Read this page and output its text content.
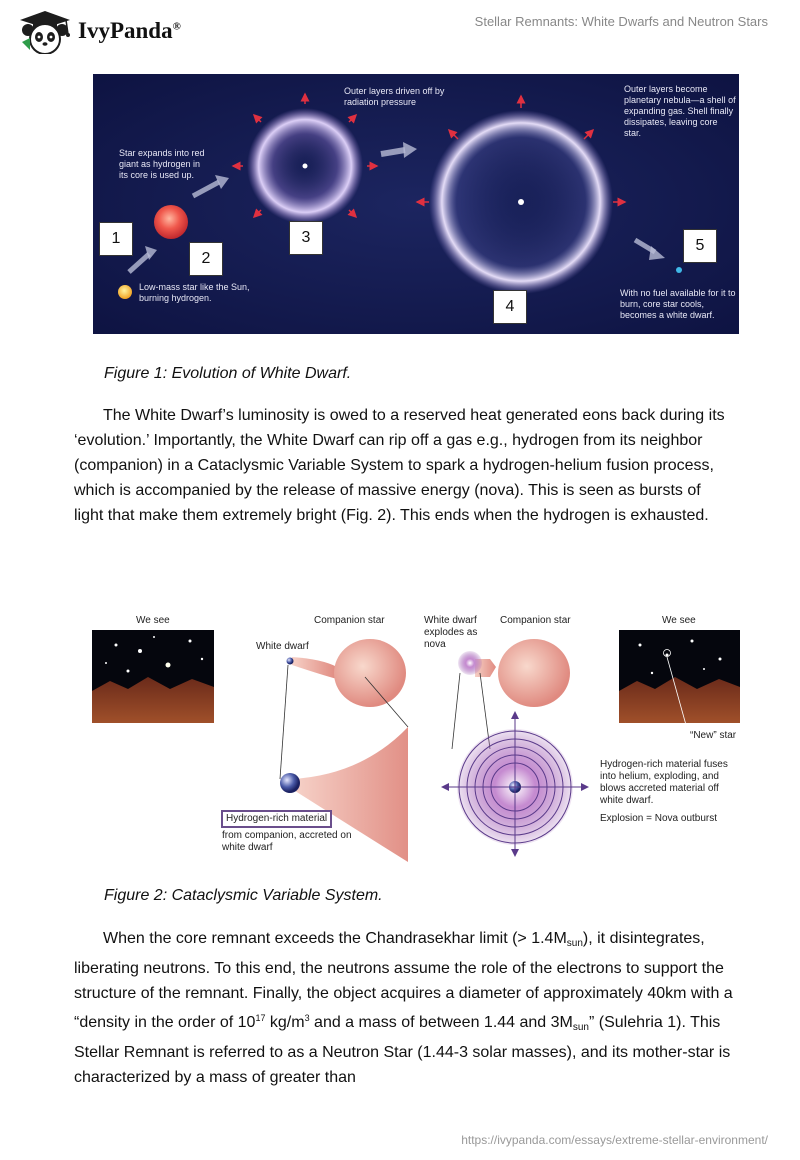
IvyPanda®	Stellar Remnants: White Dwarfs and Neutron Stars
Outer layers driven off by radiation pressure
Outer layers become planetary nebula—a shell of expanding gas. Shell finally dissipates, leaving core star.
Star expands into red giant as hydrogen in its core is used up.
Low-mass star like the Sun, burning hydrogen.	With no fuel available for it to burn, core star cools, becomes a white dwarf.
1
2
3
4
5
Figure 1: Evolution of White Dwarf.

The White Dwarf’s luminosity is owed to a reserved heat generated eons back during its ‘evolution.’ Importantly, the White Dwarf can rip off a gas e.g., hydrogen from its neighbor (companion) in a Cataclysmic Variable System to spark a hydrogen-helium fusion process, which is accompanied by the release of massive energy (nova). This is seen as bursts of light that make them extremely bright (Fig. 2). This ends when the hydrogen is exhausted.

We see	Companion star
White dwarf
White dwarf explodes as nova
Companion star	We see
“New” star
Hydrogen-rich material
from companion, accreted on white dwarf
Hydrogen-rich material fuses into helium, exploding, and blows accreted material off white dwarf.
Explosion = Nova outburst
Figure 2: Cataclysmic Variable System.

When the core remnant exceeds the Chandrasekhar limit (> $1.4M_{sun}$), it disintegrates, liberating neutrons. To this end, the neutrons assume the role of the electrons to support the structure of the remnant. Finally, the object acquires a diameter of approximately 40km with a “density in the order of $10^{17}$ $kg/m^3$ and a mass of between 1.44 and $3M_{sun}$” (Sulehria 1). This Stellar Remnant is referred to as a Neutron Star (1.44-3 solar masses), and its mother-star is characterized by a mass of greater than

https://ivypanda.com/essays/extreme-stellar-environment/
